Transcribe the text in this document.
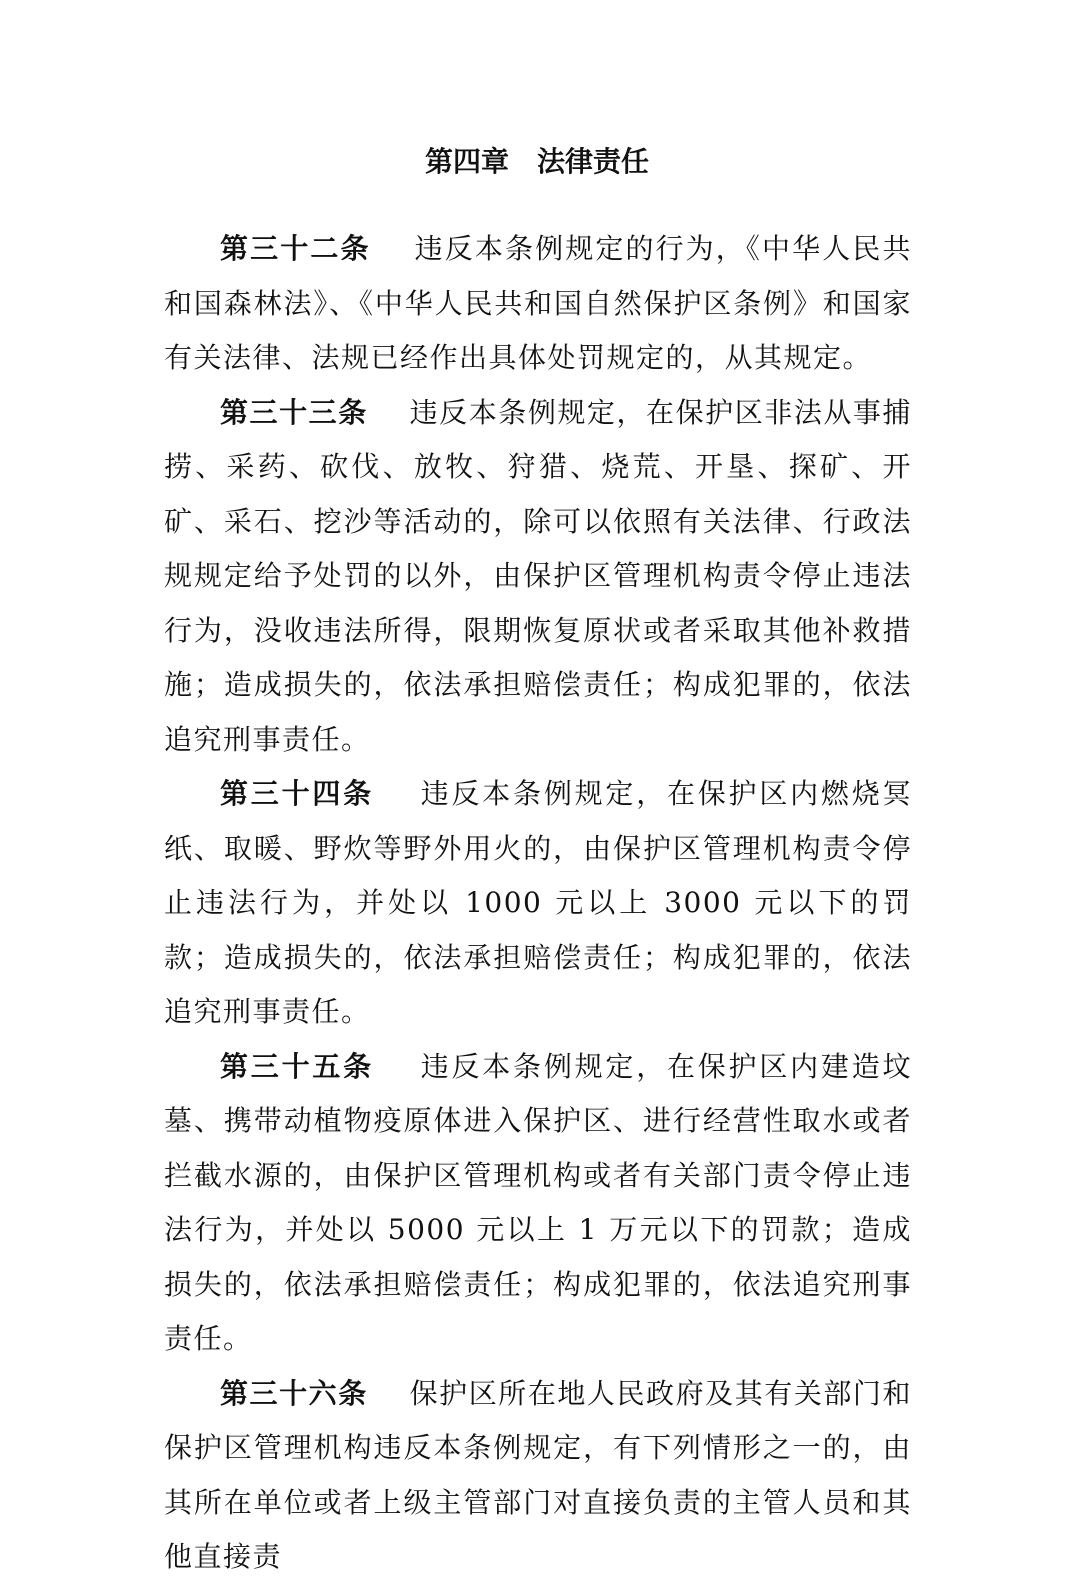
第四章　法律责任

第三十二条 违反本条例规定的行为，《中华人民共和国森林法》、《中华人民共和国自然保护区条例》和国家有关法律、法规已经作出具体处罚规定的，从其规定。

第三十三条 违反本条例规定，在保护区非法从事捕捞、采药、砍伐、放牧、狩猎、烧荒、开垦、探矿、开矿、采石、挖沙等活动的，除可以依照有关法律、行政法规规定给予处罚的以外，由保护区管理机构责令停止违法行为，没收违法所得，限期恢复原状或者采取其他补救措施；造成损失的，依法承担赔偿责任；构成犯罪的，依法追究刑事责任。

第三十四条 违反本条例规定，在保护区内燃烧冥纸、取暖、野炊等野外用火的，由保护区管理机构责令停止违法行为，并处以 1000 元以上 3000 元以下的罚款；造成损失的，依法承担赔偿责任；构成犯罪的，依法追究刑事责任。

第三十五条 违反本条例规定，在保护区内建造坟墓、携带动植物疫原体进入保护区、进行经营性取水或者拦截水源的，由保护区管理机构或者有关部门责令停止违法行为，并处以 5000 元以上 1 万元以下的罚款；造成损失的，依法承担赔偿责任；构成犯罪的，依法追究刑事责任。

第三十六条 保护区所在地人民政府及其有关部门和保护区管理机构违反本条例规定，有下列情形之一的，由其所在单位或者上级主管部门对直接负责的主管人员和其他直接责
